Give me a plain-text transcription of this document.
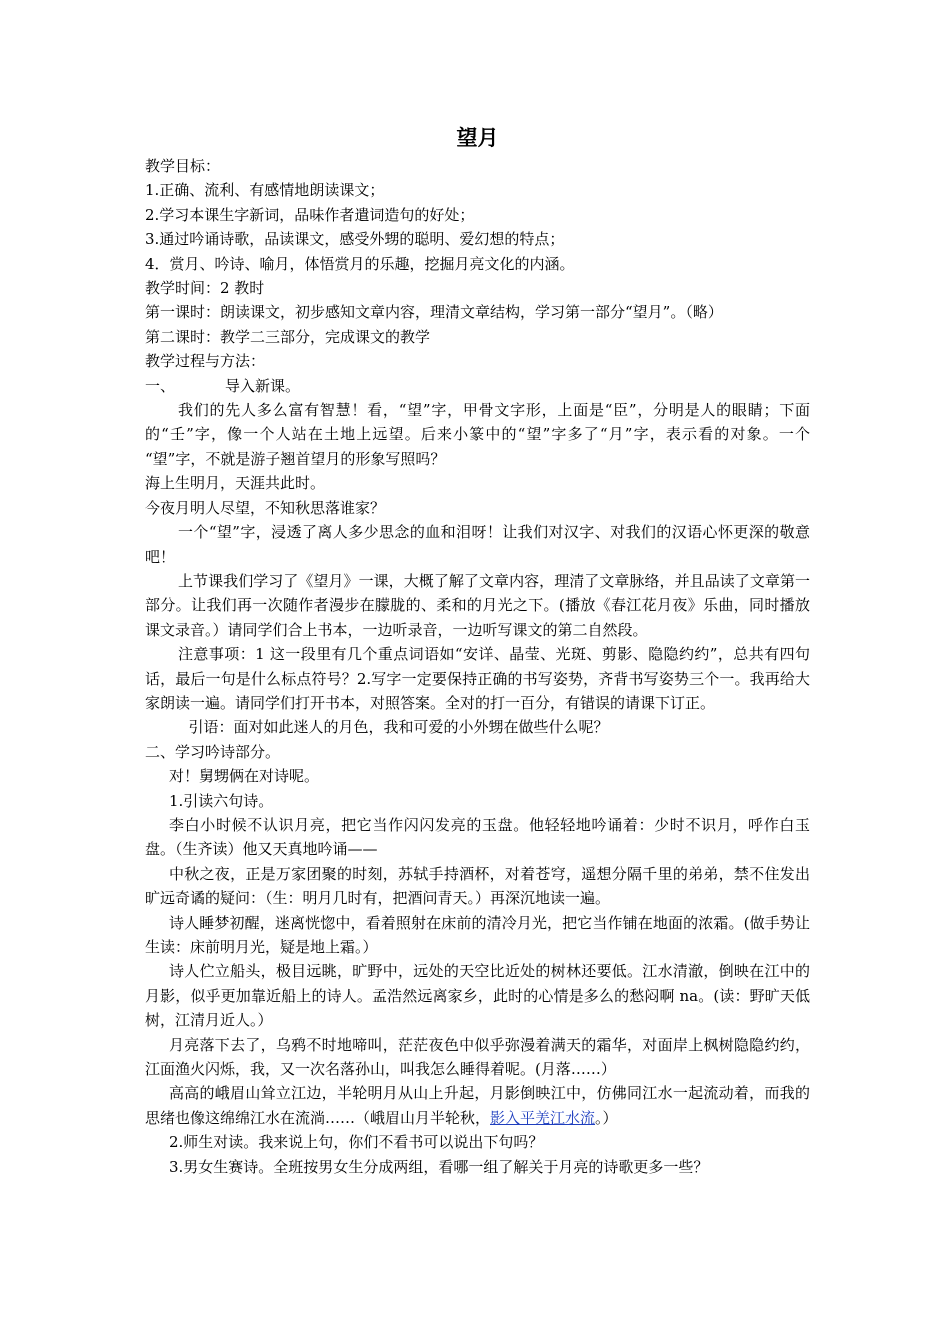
望月

教学目标：

1.正确、流利、有感情地朗读课文；

2.学习本课生字新词，品味作者遣词造句的好处；

3.通过吟诵诗歌，品读课文，感受外甥的聪明、爱幻想的特点；

4．赏月、吟诗、喻月，体悟赏月的乐趣，挖掘月亮文化的内涵。

教学时间：2 教时

第一课时：朗读课文，初步感知文章内容，理清文章结构，学习第一部分“望月”。（略）

第二课时：教学二三部分，完成课文的教学

教学过程与方法：

一、	导入新课。

我们的先人多么富有智慧！看，“望”字，甲骨文字形，上面是“臣”，分明是人的眼睛；下面的“壬”字，像一个人站在土地上远望。后来小篆中的“望”字多了“月”字，表示看的对象。一个 “望”字，不就是游子翘首望月的形象写照吗？

海上生明月，天涯共此时。

今夜月明人尽望，不知秋思落谁家？

一个“望”字，浸透了离人多少思念的血和泪呀！让我们对汉字、对我们的汉语心怀更深的敬意吧！

上节课我们学习了《望月》一课，大概了解了文章内容，理清了文章脉络，并且品读了文章第一部分。让我们再一次随作者漫步在朦胧的、柔和的月光之下。(播放《春江花月夜》乐曲，同时播放课文录音。）请同学们合上书本，一边听录音，一边听写课文的第二自然段。

注意事项：1 这一段里有几个重点词语如“安详、晶莹、光斑、剪影、隐隐约约”，总共有四句话，最后一句是什么标点符号？2.写字一定要保持正确的书写姿势，齐背书写姿势三个一。我再给大家朗读一遍。请同学们打开书本，对照答案。全对的打一百分，有错误的请课下订正。

引语：面对如此迷人的月色，我和可爱的小外甥在做些什么呢？

二、学习吟诗部分。

对！舅甥俩在对诗呢。

1.引读六句诗。

李白小时候不认识月亮，把它当作闪闪发亮的玉盘。他轻轻地吟诵着：少时不识月，呼作白玉盘。（生齐读）他又天真地吟诵——

中秋之夜，正是万家团聚的时刻，苏轼手持酒杯，对着苍穹，遥想分隔千里的弟弟，禁不住发出旷远奇谲的疑问：（生：明月几时有，把酒问青天。）再深沉地读一遍。

诗人睡梦初醒，迷离恍惚中，看着照射在床前的清冷月光，把它当作铺在地面的浓霜。(做手势让生读：床前明月光，疑是地上霜。）

诗人伫立船头，极目远眺，旷野中，远处的天空比近处的树林还要低。江水清澈，倒映在江中的月影，似乎更加靠近船上的诗人。孟浩然远离家乡，此时的心情是多么的愁闷啊 na。(读：野旷天低树，江清月近人。）

月亮落下去了，乌鸦不时地啼叫，茫茫夜色中似乎弥漫着满天的霜华，对面岸上枫树隐隐约约，江面渔火闪烁，我，又一次名落孙山，叫我怎么睡得着呢。(月落……）

高高的峨眉山耸立江边，半轮明月从山上升起，月影倒映江中，仿佛同江水一起流动着，而我的思绪也像这绵绵江水在流淌……（峨眉山月半轮秋，影入平羌江水流。）

2.师生对读。我来说上句，你们不看书可以说出下句吗？

3.男女生赛诗。全班按男女生分成两组，看哪一组了解关于月亮的诗歌更多一些？
